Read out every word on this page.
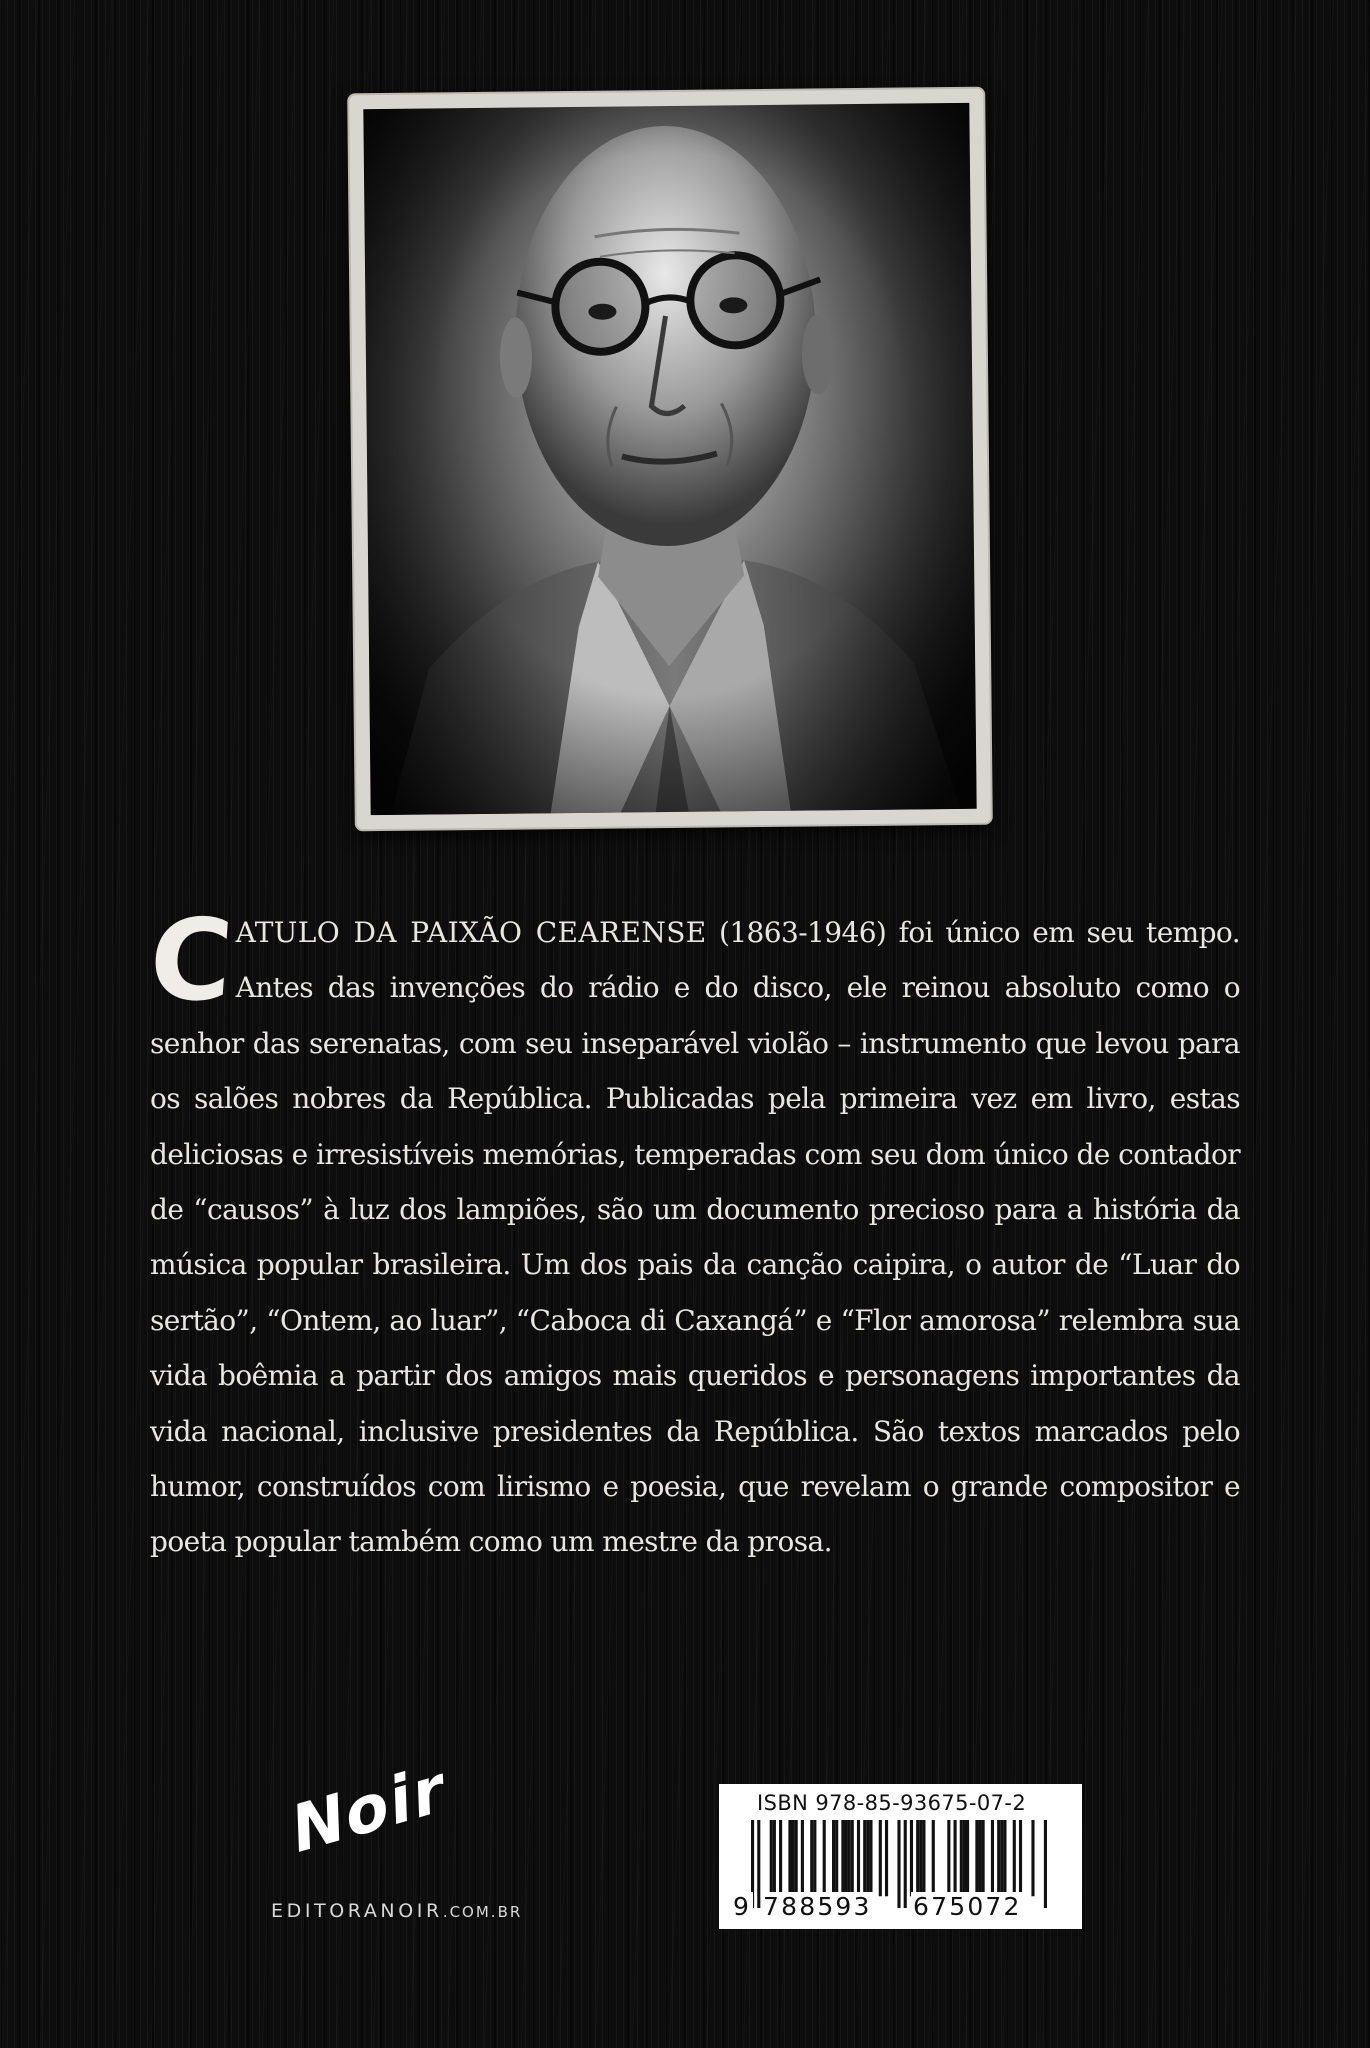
CATULO DA PAIXÃO CEARENSE (1863-1946) foi único em seu tempo. Antes das invenções do rádio e do disco, ele reinou absoluto como o senhor das serenatas, com seu inseparável violão – instrumento que levou para os salões nobres da República. Publicadas pela primeira vez em livro, estas deliciosas e irresistíveis memórias, temperadas com seu dom único de contador de “causos” à luz dos lampiões, são um documento precioso para a história da música popular brasileira. Um dos pais da canção caipira, o autor de “Luar do sertão”, “Ontem, ao luar”, “Caboca di Caxangá” e “Flor amorosa” relembra sua vida boêmia a partir dos amigos mais queridos e personagens importantes da vida nacional, inclusive presidentes da República. São textos marcados pelo humor, construídos com lirismo e poesia, que revelam o grande compositor e poeta popular também como um mestre da prosa.

Noir
EDITORANOIR.COM.BR
ISBN 978-85-93675-07-2
9 788593 675072
